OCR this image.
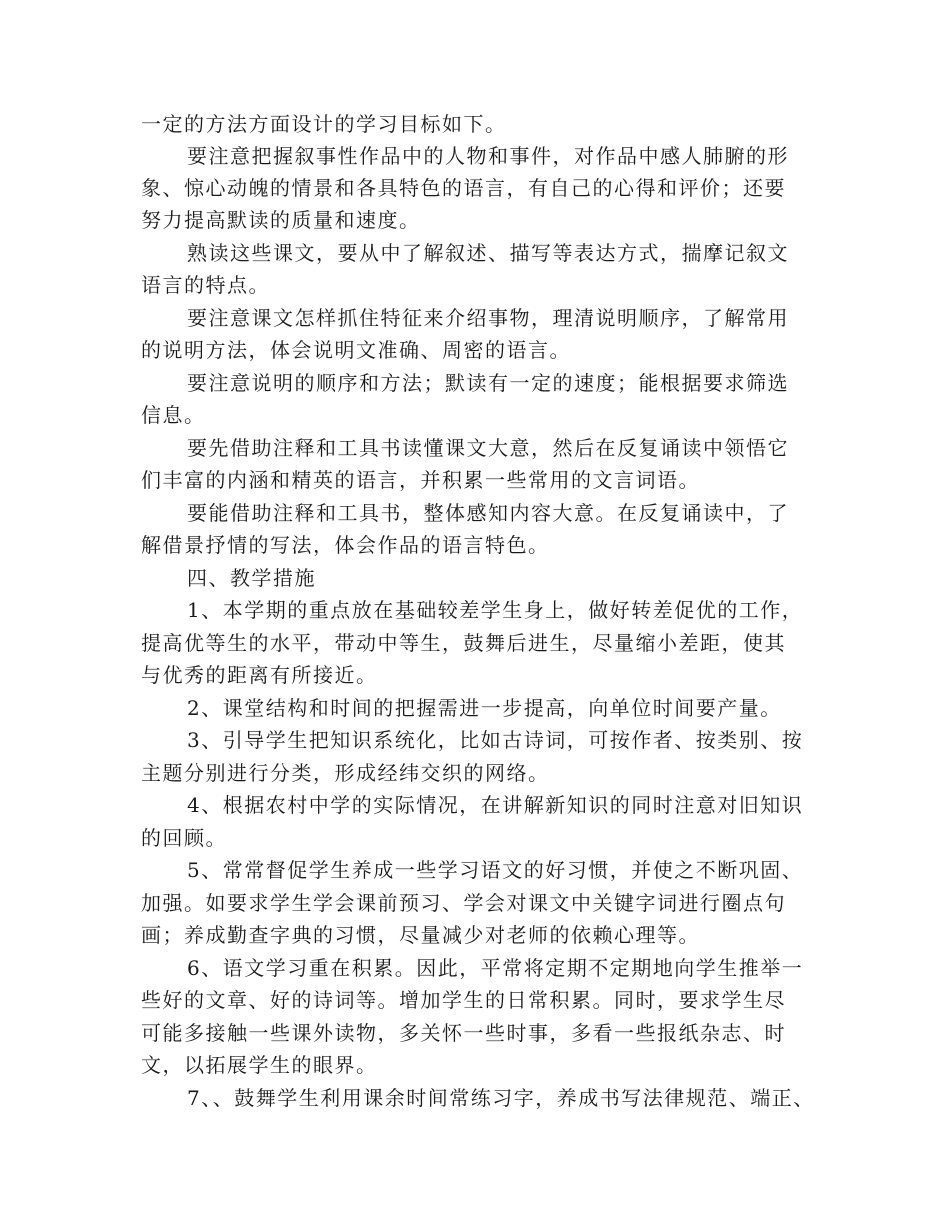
一定的方法方面设计的学习目标如下。

要注意把握叙事性作品中的人物和事件，对作品中感人肺腑的形

象、惊心动魄的情景和各具特色的语言，有自己的心得和评价；还要

努力提高默读的质量和速度。

熟读这些课文，要从中了解叙述、描写等表达方式，揣摩记叙文

语言的特点。

要注意课文怎样抓住特征来介绍事物，理清说明顺序，了解常用

的说明方法，体会说明文准确、周密的语言。

要注意说明的顺序和方法；默读有一定的速度；能根据要求筛选

信息。

要先借助注释和工具书读懂课文大意，然后在反复诵读中领悟它

们丰富的内涵和精英的语言，并积累一些常用的文言词语。

要能借助注释和工具书，整体感知内容大意。在反复诵读中，了

解借景抒情的写法，体会作品的语言特色。

四、教学措施

1、本学期的重点放在基础较差学生身上，做好转差促优的工作，

提高优等生的水平，带动中等生，鼓舞后进生，尽量缩小差距，使其

与优秀的距离有所接近。

2、课堂结构和时间的把握需进一步提高，向单位时间要产量。

3、引导学生把知识系统化，比如古诗词，可按作者、按类别、按

主题分别进行分类，形成经纬交织的网络。

4、根据农村中学的实际情况，在讲解新知识的同时注意对旧知识

的回顾。

5、常常督促学生养成一些学习语文的好习惯，并使之不断巩固、

加强。如要求学生学会课前预习、学会对课文中关键字词进行圈点句

画；养成勤查字典的习惯，尽量减少对老师的依赖心理等。

6、语文学习重在积累。因此，平常将定期不定期地向学生推举一

些好的文章、好的诗词等。增加学生的日常积累。同时，要求学生尽

可能多接触一些课外读物，多关怀一些时事，多看一些报纸杂志、时

文，以拓展学生的眼界。

7、、鼓舞学生利用课余时间常练习字，养成书写法律规范、端正、
